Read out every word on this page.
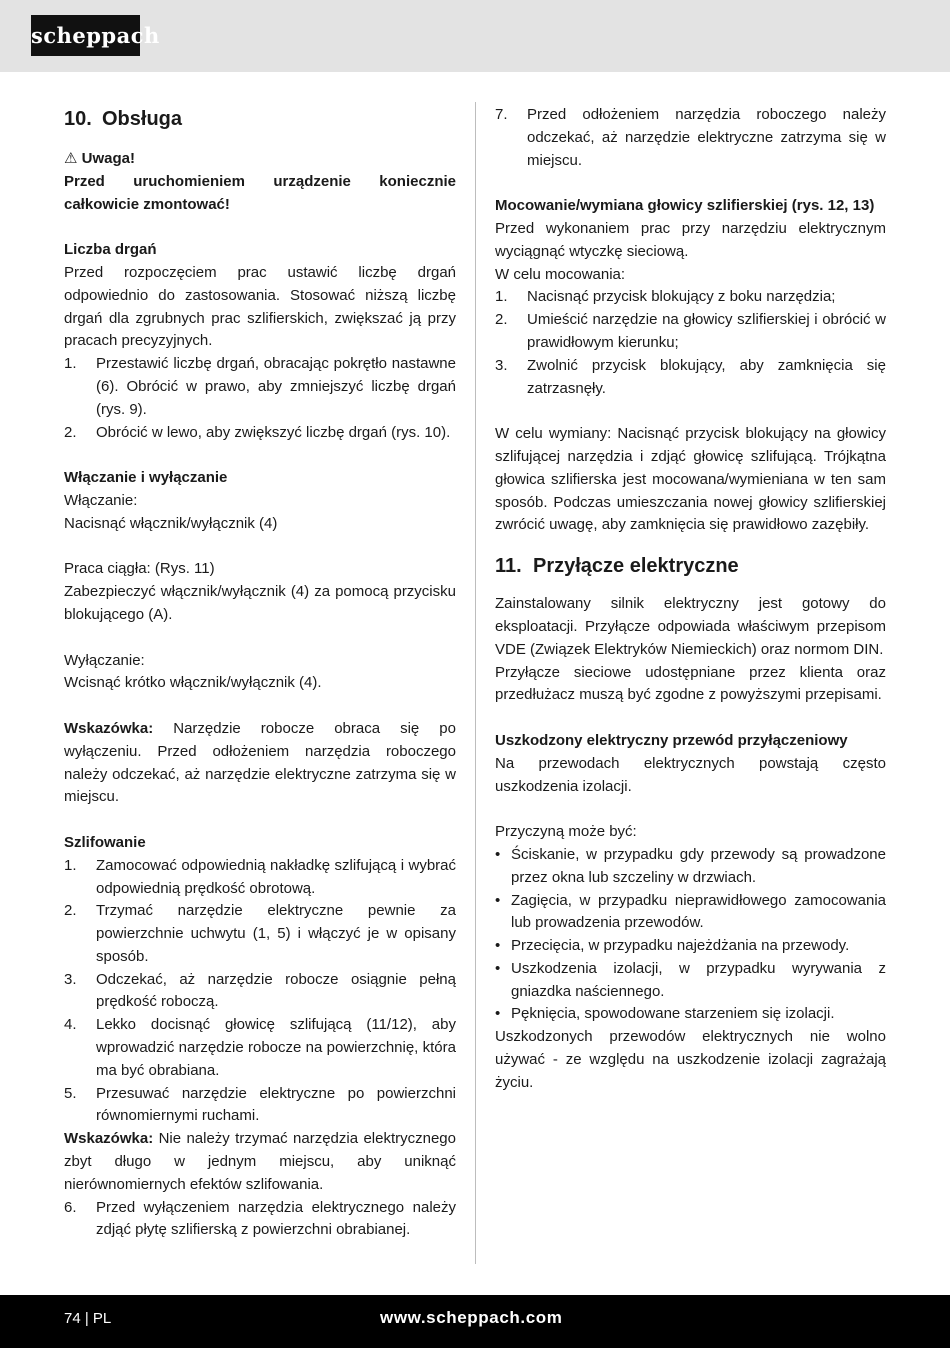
scheppach
10. Obsługa

⚠ Uwaga!

Przed uruchomieniem urządzenie koniecznie całkowicie zmontować!

Liczba drgań

Przed rozpoczęciem prac ustawić liczbę drgań odpowiednio do zastosowania. Stosować niższą liczbę drgań dla zgrubnych prac szlifierskich, zwiększać ją przy pracach precyzyjnych.

1.	Przestawić liczbę drgań, obracając pokrętło nastawne (6). Obrócić w prawo, aby zmniejszyć liczbę drgań (rys. 9).
2.	Obrócić w lewo, aby zwiększyć liczbę drgań (rys. 10).

Włączanie i wyłączanie

Włączanie:

Nacisnąć włącznik/wyłącznik (4)

Praca ciągła: (Rys. 11)

Zabezpieczyć włącznik/wyłącznik (4) za pomocą przycisku blokującego (A).

Wyłączanie:

Wcisnąć krótko włącznik/wyłącznik (4).

Wskazówka: Narzędzie robocze obraca się po wyłączeniu. Przed odłożeniem narzędzia roboczego należy odczekać, aż narzędzie elektryczne zatrzyma się w miejscu.

Szlifowanie

1.	Zamocować odpowiednią nakładkę szlifującą i wybrać odpowiednią prędkość obrotową.
2.	Trzymać narzędzie elektryczne pewnie za powierzchnie uchwytu (1, 5) i włączyć je w opisany sposób.
3.	Odczekać, aż narzędzie robocze osiągnie pełną prędkość roboczą.
4.	Lekko docisnąć głowicę szlifującą (11/12), aby wprowadzić narzędzie robocze na powierzchnię, która ma być obrabiana.
5.	Przesuwać narzędzie elektryczne po powierzchni równomiernymi ruchami.

Wskazówka: Nie należy trzymać narzędzia elektrycznego zbyt długo w jednym miejscu, aby uniknąć nierównomiernych efektów szlifowania.

6.	Przed wyłączeniem narzędzia elektrycznego należy zdjąć płytę szlifierską z powierzchni obrabianej.
7.	Przed odłożeniem narzędzia roboczego należy odczekać, aż narzędzie elektryczne zatrzyma się w miejscu.

Mocowanie/wymiana głowicy szlifierskiej (rys. 12, 13)

Przed wykonaniem prac przy narzędziu elektrycznym wyciągnąć wtyczkę sieciową.

W celu mocowania:

1.	Nacisnąć przycisk blokujący z boku narzędzia;
2.	Umieścić narzędzie na głowicy szlifierskiej i obrócić w prawidłowym kierunku;
3.	Zwolnić przycisk blokujący, aby zamknięcia się zatrzasnęły.

W celu wymiany: Nacisnąć przycisk blokujący na głowicy szlifującej narzędzia i zdjąć głowicę szlifującą. Trójkątna głowica szlifierska jest mocowana/wymieniana w ten sam sposób. Podczas umieszczania nowej głowicy szlifierskiej zwrócić uwagę, aby zamknięcia się prawidłowo zazębiły.

11. Przyłącze elektryczne

Zainstalowany silnik elektryczny jest gotowy do eksploatacji. Przyłącze odpowiada właściwym przepisom VDE (Związek Elektryków Niemieckich) oraz normom DIN.

Przyłącze sieciowe udostępniane przez klienta oraz przedłużacz muszą być zgodne z powyższymi przepisami.

Uszkodzony elektryczny przewód przyłączeniowy

Na przewodach elektrycznych powstają często uszkodzenia izolacji.

Przyczyną może być:

• Ściskanie, w przypadku gdy przewody są prowadzone przez okna lub szczeliny w drzwiach.
• Zagięcia, w przypadku nieprawidłowego zamocowania lub prowadzenia przewodów.
• Przecięcia, w przypadku najeżdżania na przewody.
• Uszkodzenia izolacji, w przypadku wyrywania z gniazdka naściennego.
• Pęknięcia, spowodowane starzeniem się izolacji.

Uszkodzonych przewodów elektrycznych nie wolno używać - ze względu na uszkodzenie izolacji zagrażają życiu.

74 | PL	www.scheppach.com
